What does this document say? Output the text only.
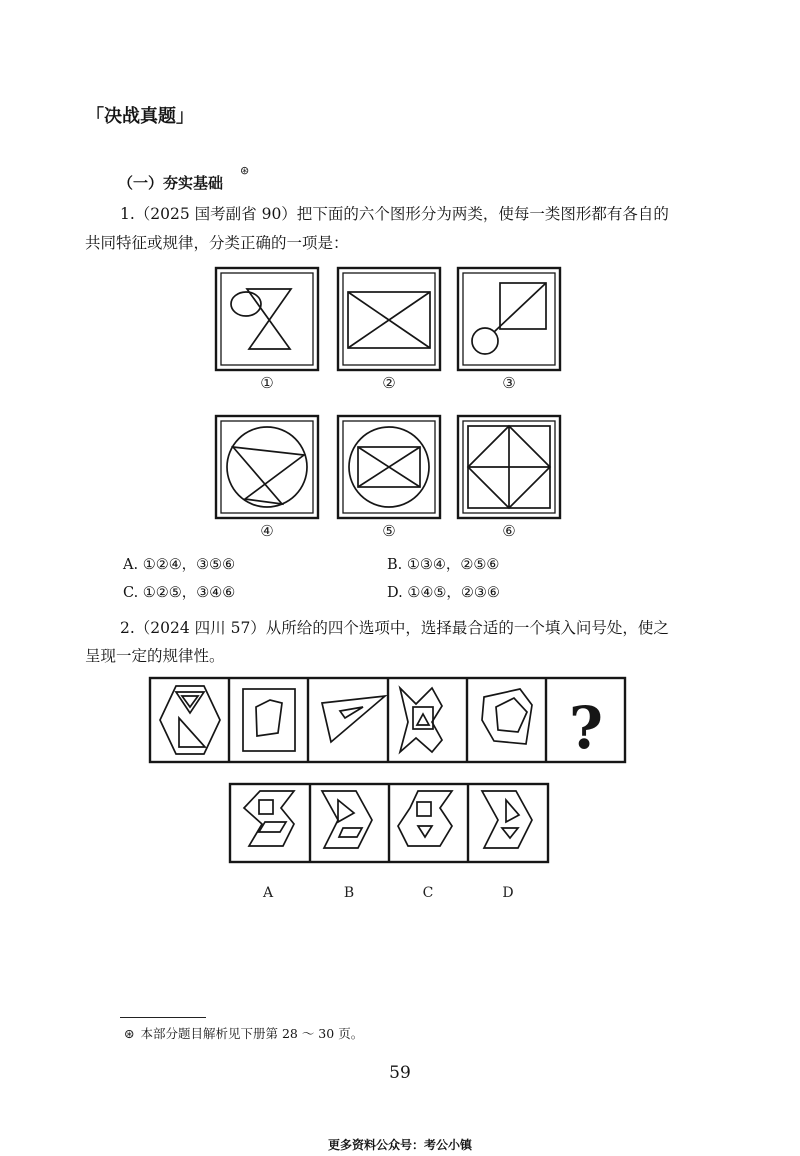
①	②	③
④	⑤	⑥
?
A	B	C	D
「决战真题」
（一）夯实基础
⊛
1.（2025 国考副省 90）把下面的六个图形分为两类，使每一类图形都有各自的
共同特征或规律，分类正确的一项是：
A. ①②④，③⑤⑥	B. ①③④，②⑤⑥
C. ①②⑤，③④⑥	D. ①④⑤，②③⑥
2.（2024 四川 57）从所给的四个选项中，选择最合适的一个填入问号处，使之
呈现一定的规律性。
⊛ 本部分题目解析见下册第 28 ～ 30 页。
59
更多资料公众号：考公小镇
